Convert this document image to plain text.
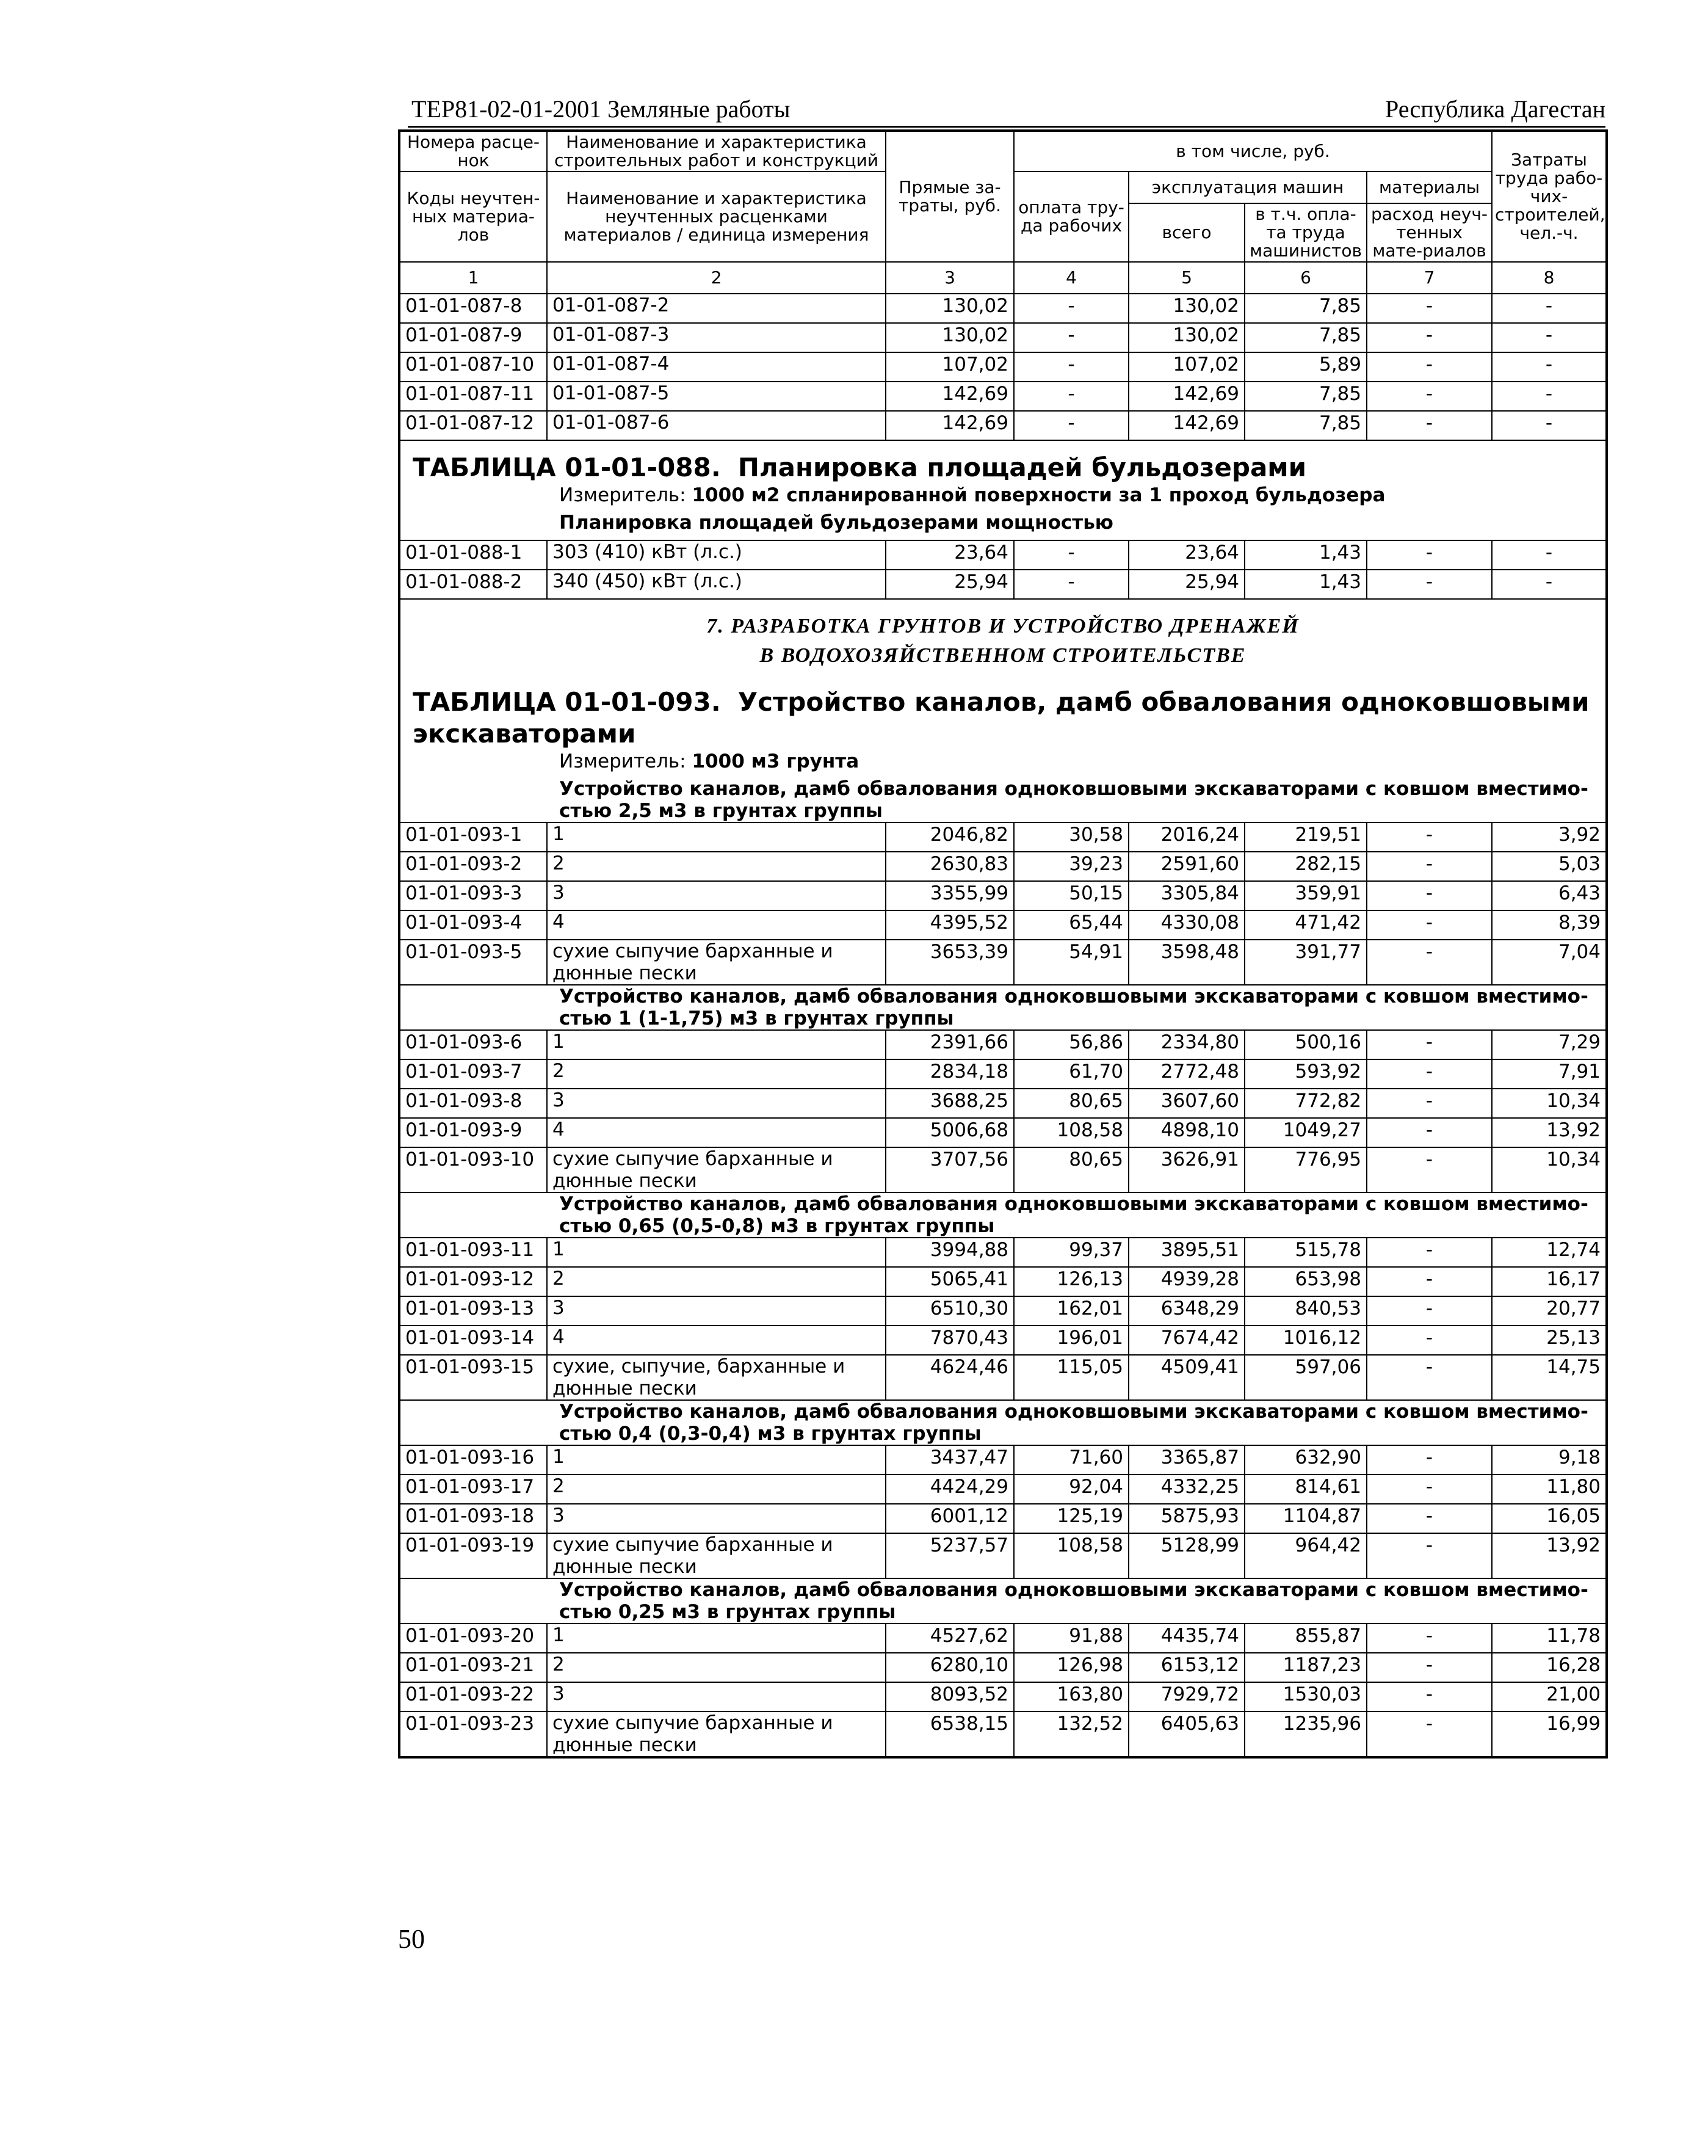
ТЕР81-02-01-2001 Земляные работы	Республика Дагестан
Номера расце-нок	Наименование и характеристика строительных работ и конструкций	Прямые за-траты, руб.	в том числе, руб.				Затраты труда рабо-чих-строителей, чел.-ч.
Коды неучтен-ных материа-лов	Наименование и характеристика неучтенных расценками материалов / единица измерения		оплата тру-да рабочих	эксплуатация машин		материалы	
				всего	в т.ч. опла-та труда машинистов	расход неуч-тенных мате-риалов	
1	2	3	4	5	6	7	8
01-01-087-8	01-01-087-2	130,02	-	130,02	7,85	-	-
01-01-087-9	01-01-087-3	130,02	-	130,02	7,85	-	-
01-01-087-10	01-01-087-4	107,02	-	107,02	5,89	-	-
01-01-087-11	01-01-087-5	142,69	-	142,69	7,85	-	-
01-01-087-12	01-01-087-6	142,69	-	142,69	7,85	-	-

ТАБЛИЦА 01-01-088. Планировка площадей бульдозерами							

Измеритель: 1000 м2 спланированной поверхности за 1 проход бульдозера							

Планировка площадей бульдозерами мощностью							

01-01-088-1	303 (410) кВт (л.с.)	23,64	-	23,64	1,43	-	-
01-01-088-2	340 (450) кВт (л.с.)	25,94	-	25,94	1,43	-	-

7. РАЗРАБОТКА ГРУНТОВ И УСТРОЙСТВО ДРЕНАЖЕЙ
В ВОДОХОЗЯЙСТВЕННОМ СТРОИТЕЛЬСТВЕ							

ТАБЛИЦА 01-01-093. Устройство каналов, дамб обвалования одноковшовыми экскаваторами							

Измеритель: 1000 м3 грунта							

Устройство каналов, дамб обвалования одноковшовыми экскаваторами с ковшом вместимо-стью 2,5 м3 в грунтах группы							

01-01-093-1	1	2046,82	30,58	2016,24	219,51	-	3,92
01-01-093-2	2	2630,83	39,23	2591,60	282,15	-	5,03
01-01-093-3	3	3355,99	50,15	3305,84	359,91	-	6,43
01-01-093-4	4	4395,52	65,44	4330,08	471,42	-	8,39
01-01-093-5	сухие сыпучие барханные и дюнные пески	3653,39	54,91	3598,48	391,77	-	7,04

Устройство каналов, дамб обвалования одноковшовыми экскаваторами с ковшом вместимо-стью 1 (1-1,75) м3 в грунтах группы							

01-01-093-6	1	2391,66	56,86	2334,80	500,16	-	7,29
01-01-093-7	2	2834,18	61,70	2772,48	593,92	-	7,91
01-01-093-8	3	3688,25	80,65	3607,60	772,82	-	10,34
01-01-093-9	4	5006,68	108,58	4898,10	1049,27	-	13,92
01-01-093-10	сухие сыпучие барханные и дюнные пески	3707,56	80,65	3626,91	776,95	-	10,34

Устройство каналов, дамб обвалования одноковшовыми экскаваторами с ковшом вместимо-стью 0,65 (0,5-0,8) м3 в грунтах группы							

01-01-093-11	1	3994,88	99,37	3895,51	515,78	-	12,74
01-01-093-12	2	5065,41	126,13	4939,28	653,98	-	16,17
01-01-093-13	3	6510,30	162,01	6348,29	840,53	-	20,77
01-01-093-14	4	7870,43	196,01	7674,42	1016,12	-	25,13
01-01-093-15	сухие, сыпучие, барханные и дюнные пески	4624,46	115,05	4509,41	597,06	-	14,75

Устройство каналов, дамб обвалования одноковшовыми экскаваторами с ковшом вместимо-стью 0,4 (0,3-0,4) м3 в грунтах группы							

01-01-093-16	1	3437,47	71,60	3365,87	632,90	-	9,18
01-01-093-17	2	4424,29	92,04	4332,25	814,61	-	11,80
01-01-093-18	3	6001,12	125,19	5875,93	1104,87	-	16,05
01-01-093-19	сухие сыпучие барханные и дюнные пески	5237,57	108,58	5128,99	964,42	-	13,92

Устройство каналов, дамб обвалования одноковшовыми экскаваторами с ковшом вместимо-стью 0,25 м3 в грунтах группы							

01-01-093-20	1	4527,62	91,88	4435,74	855,87	-	11,78
01-01-093-21	2	6280,10	126,98	6153,12	1187,23	-	16,28
01-01-093-22	3	8093,52	163,80	7929,72	1530,03	-	21,00
01-01-093-23	сухие сыпучие барханные и дюнные пески	6538,15	132,52	6405,63	1235,96	-	16,99
50
